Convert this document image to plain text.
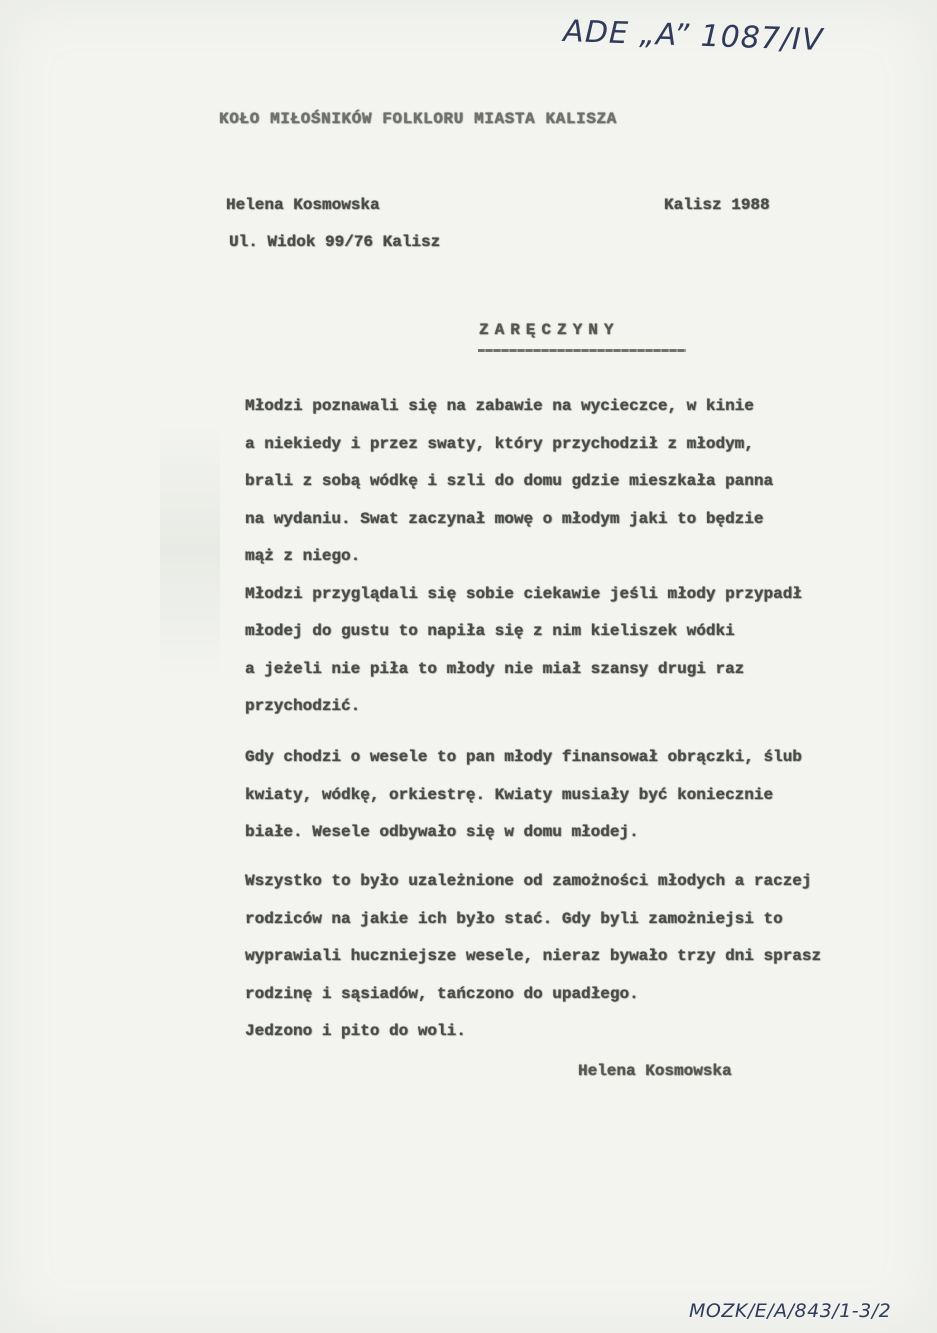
ADE „A” 1087/IV
KOŁO MIŁOŚNIKÓW FOLKLORU MIASTA KALISZA
Helena Kosmowska	Kalisz 1988
Ul. Widok 99/76 Kalisz
ZARĘCZYNY
Młodzi poznawali się na zabawie na wycieczce, w kinie
a niekiedy i przez swaty, który przychodził z młodym,
brali z sobą wódkę i szli do domu gdzie mieszkała panna
na wydaniu. Swat zaczynał mowę o młodym jaki to będzie
mąż z niego.
Młodzi przyglądali się sobie ciekawie jeśli młody przypadł
młodej do gustu to napiła się z nim kieliszek wódki
a jeżeli nie piła to młody nie miał szansy drugi raz
przychodzić.
Gdy chodzi o wesele to pan młody finansował obrączki, ślub
kwiaty, wódkę, orkiestrę. Kwiaty musiały być koniecznie
białe. Wesele odbywało się w domu młodej.
Wszystko to było uzależnione od zamożności młodych a raczej
rodziców na jakie ich było stać. Gdy byli zamożniejsi to
wyprawiali huczniejsze wesele, nieraz bywało trzy dni sprasz
rodzinę i sąsiadów, tańczono do upadłego.
Jedzono i pito do woli.
Helena Kosmowska
MOZK/E/A/843/1-3/2
